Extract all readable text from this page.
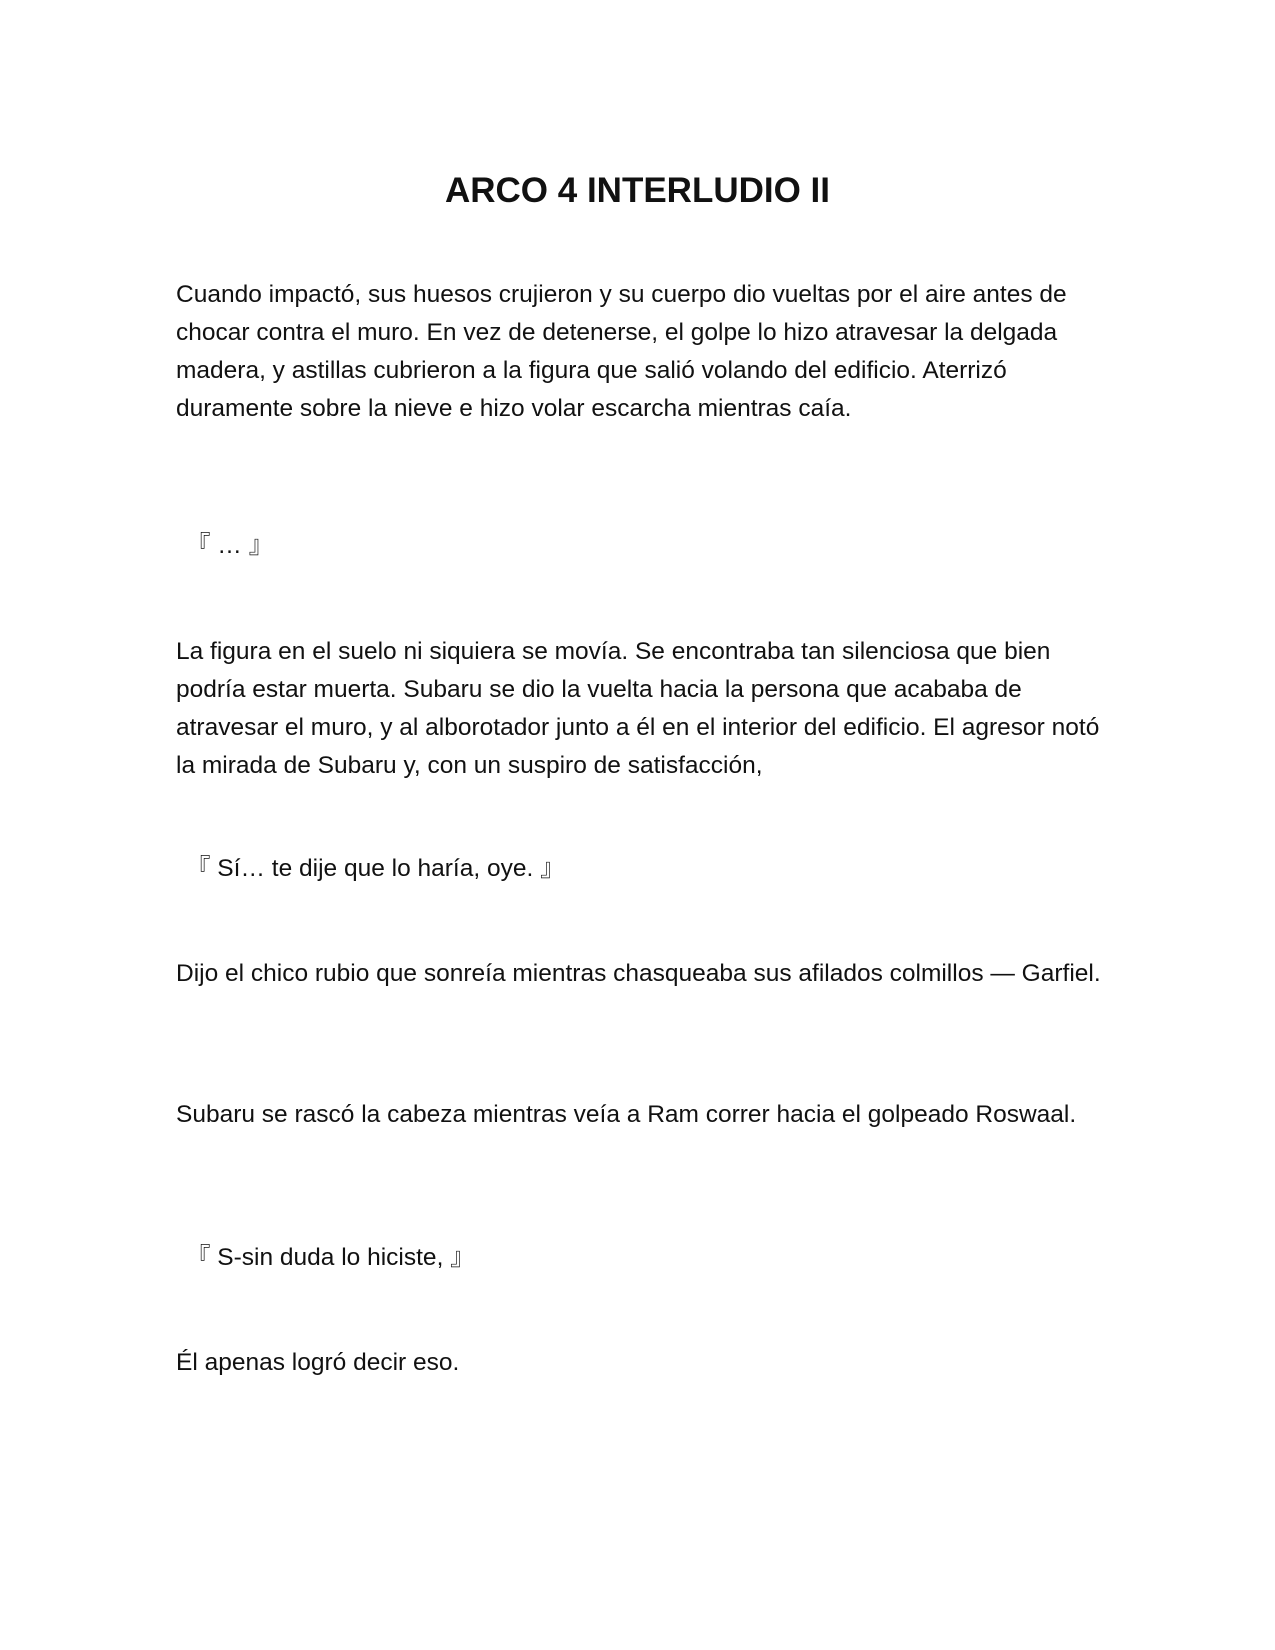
ARCO 4 INTERLUDIO II

Cuando impactó, sus huesos crujieron y su cuerpo dio vueltas por el aire antes de chocar contra el muro. En vez de detenerse, el golpe lo hizo atravesar la delgada madera, y astillas cubrieron a la figura que salió volando del edificio. Aterrizó duramente sobre la nieve e hizo volar escarcha mientras caía.

『 … 』

La figura en el suelo ni siquiera se movía. Se encontraba tan silenciosa que bien podría estar muerta. Subaru se dio la vuelta hacia la persona que acababa de atravesar el muro, y al alborotador junto a él en el interior del edificio. El agresor notó la mirada de Subaru y, con un suspiro de satisfacción,

『 Sí… te dije que lo haría, oye. 』

Dijo el chico rubio que sonreía mientras chasqueaba sus afilados colmillos — Garfiel.

Subaru se rascó la cabeza mientras veía a Ram correr hacia el golpeado Roswaal.

『 S-sin duda lo hiciste, 』

Él apenas logró decir eso.
